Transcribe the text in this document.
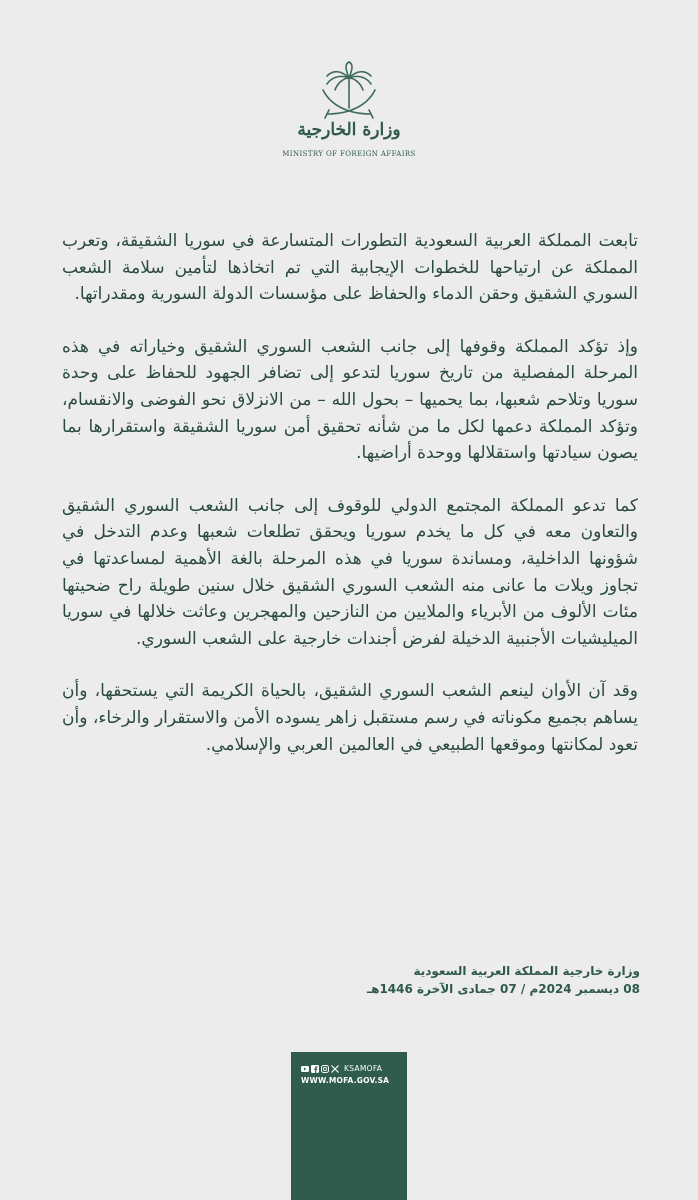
وزارة الخارجية
MINISTRY OF FOREIGN AFFAIRS

تابعت المملكة العربية السعودية التطورات المتسارعة في سوريا الشقيقة، وتعرب المملكة عن ارتياحها للخطوات الإيجابية التي تم اتخاذها لتأمين سلامة الشعب السوري الشقيق وحقن الدماء والحفاظ على مؤسسات الدولة السورية ومقدراتها.

وإذ تؤكد المملكة وقوفها إلى جانب الشعب السوري الشقيق وخياراته في هذه المرحلة المفصلية من تاريخ سوريا لتدعو إلى تضافر الجهود للحفاظ على وحدة سوريا وتلاحم شعبها، بما يحميها – بحول الله – من الانزلاق نحو الفوضى والانقسام، وتؤكد المملكة دعمها لكل ما من شأنه تحقيق أمن سوريا الشقيقة واستقرارها بما يصون سيادتها واستقلالها ووحدة أراضيها.

كما تدعو المملكة المجتمع الدولي للوقوف إلى جانب الشعب السوري الشقيق والتعاون معه في كل ما يخدم سوريا ويحقق تطلعات شعبها وعدم التدخل في شؤونها الداخلية، ومساندة سوريا في هذه المرحلة بالغة الأهمية لمساعدتها في تجاوز ويلات ما عانى منه الشعب السوري الشقيق خلال سنين طويلة راح ضحيتها مئات الألوف من الأبرياء والملايين من النازحين والمهجرين وعاثت خلالها في سوريا الميليشيات الأجنبية الدخيلة لفرض أجندات خارجية على الشعب السوري.

وقد آن الأوان لينعم الشعب السوري الشقيق، بالحياة الكريمة التي يستحقها، وأن يساهم بجميع مكوناته في رسم مستقبل زاهر يسوده الأمن والاستقرار والرخاء، وأن تعود لمكانتها وموقعها الطبيعي في العالمين العربي والإسلامي.

وزارة خارجية المملكة العربية السعودية
08 ديسمبر 2024م / 07 جمادى الآخرة 1446هـ
KSAMOFA
WWW.MOFA.GOV.SA
